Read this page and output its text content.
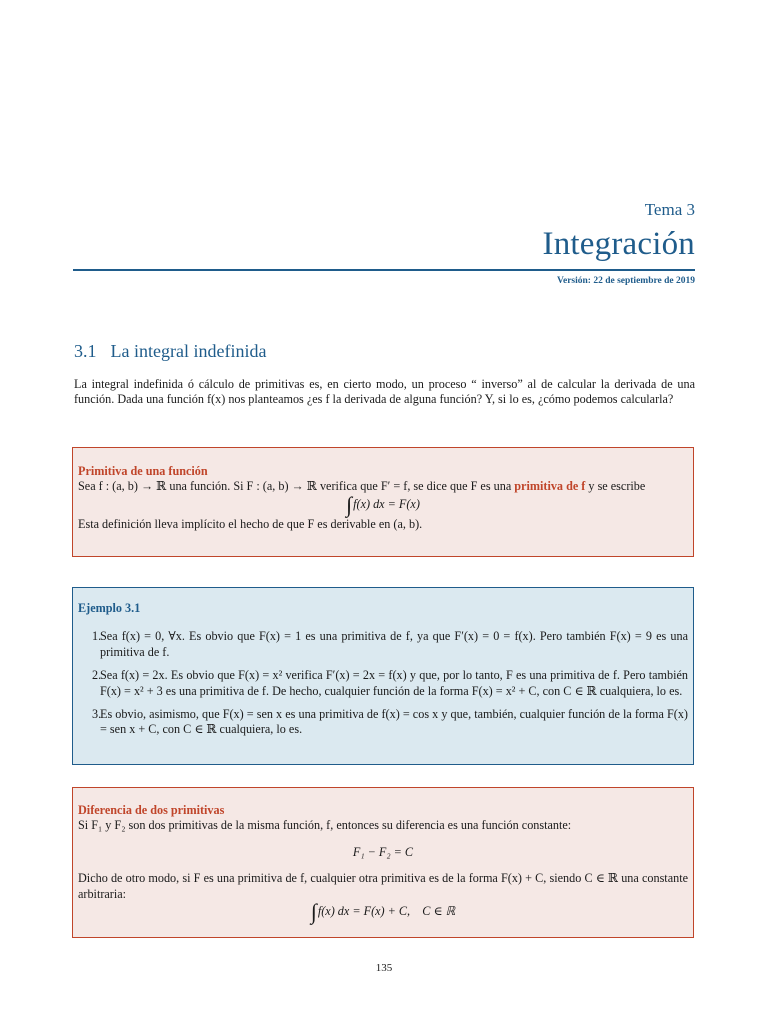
Tema 3
Integración
Versión: 22 de septiembre de 2019
3.1 La integral indefinida
La integral indefinida ó cálculo de primitivas es, en cierto modo, un proceso “ inverso” al de calcular la derivada de una función. Dada una función f(x) nos planteamos ¿es f la derivada de alguna función? Y, si lo es, ¿cómo podemos calcularla?
Primitiva de una función
Sea f : (a, b) → ℝ una función. Si F : (a, b) → ℝ verifica que F′ = f, se dice que F es una primitiva de f y se escribe
∫f(x) dx = F(x)
Esta definición lleva implícito el hecho de que F es derivable en (a, b).
Ejemplo 3.1
1.
Sea f(x) = 0, ∀x. Es obvio que F(x) = 1 es una primitiva de f, ya que F′(x) = 0 = f(x). Pero también F(x) = 9 es una primitiva de f.
2.
Sea f(x) = 2x. Es obvio que F(x) = x² verifica F′(x) = 2x = f(x) y que, por lo tanto, F es una primitiva de f. Pero también F(x) = x² + 3 es una primitiva de f. De hecho, cualquier función de la forma F(x) = x² + C, con C ∈ ℝ cualquiera, lo es.
3.
Es obvio, asimismo, que F(x) = sen x es una primitiva de f(x) = cos x y que, también, cualquier función de la forma F(x) = sen x + C, con C ∈ ℝ cualquiera, lo es.
Diferencia de dos primitivas
Si F₁ y F₂ son dos primitivas de la misma función, f, entonces su diferencia es una función constante:
F₁ − F₂ = C
Dicho de otro modo, si F es una primitiva de f, cualquier otra primitiva es de la forma F(x) + C, siendo C ∈ ℝ una constante arbitraria:
∫f(x) dx = F(x) + C,    C ∈ ℝ
135
